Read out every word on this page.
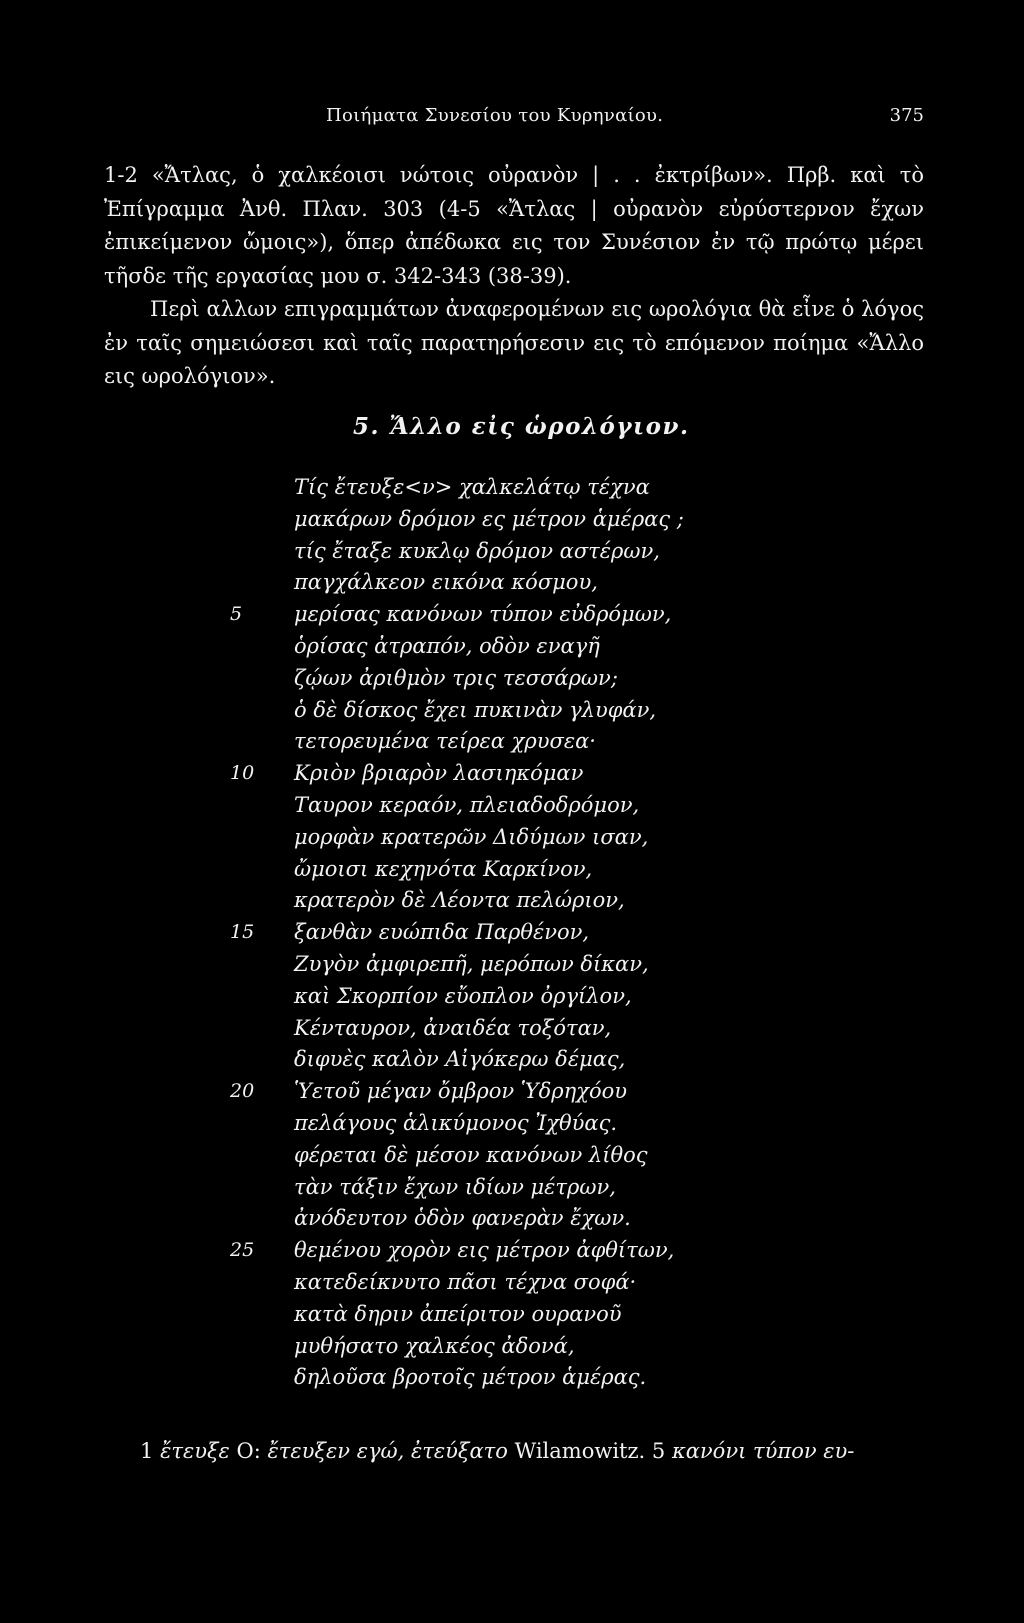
Ποιήματα Συνεσίου του Κυρηναίου.	375

1-2 «Ἄτλας, ὁ χαλκέοισι νώτοις οὐρανὸν | . . ἐκτρίβων». Πρβ. καὶ τὸ Ἐπίγραμμα Ἀνθ. Πλαν. 303 (4-5 «Ἄτλας | οὐρανὸν εὐρύστερνον ἔχων ἐπικείμενον ὤμοις»), ὅπερ ἀπέδωκα εις τον Συνέσιον ἐν τῷ πρώτῳ μέρει τῆσδε τῆς εργασίας μου σ. 342-343 (38-39).

Περὶ αλλων επιγραμμάτων ἀναφερομένων εις ωρολόγια θὰ εἶνε ὁ λόγος ἐν ταῖς σημειώσεσι καὶ ταῖς παρατηρήσεσιν εις τὸ επόμενον ποίημα «Ἄλλο εις ωρολόγιον».

5. Ἄλλο εἰς ὡρολόγιον.
Τίς ἔτευξε<ν> χαλκελάτῳ τέχνα
μακάρων δρόμον ες μέτρον ἁμέρας ;
τίς ἔταξε κυκλῳ δρόμον αστέρων,
παγχάλκεον εικόνα κόσμου,
5	μερίσας κανόνων τύπον εὐδρόμων,
ὁρίσας ἀτραπόν, οδὸν εναγῆ
ζῴων ἀριθμὸν τρις τεσσάρων;
ὁ δὲ δίσκος ἔχει πυκινὰν γλυφάν,
τετορευμένα τείρεα χρυσεα·
10	Κριὸν βριαρὸν λασιηκόμαν
Ταυρον κεραόν, πλειαδοδρόμον,
μορφὰν κρατερῶν Διδύμων ισαν,
ὤμοισι κεχηνότα Καρκίνον,
κρατερὸν δὲ Λέοντα πελώριον,
15	ξανθὰν ευώπιδα Παρθένον,
Ζυγὸν ἀμφιρεπῆ, μερόπων δίκαν,
καὶ Σκορπίον εὔοπλον ὀργίλον,
Κένταυρον, ἀναιδέα τοξόταν,
διφυὲς καλὸν Αἰγόκερω δέμας,
20	Ὑετοῦ μέγαν ὄμβρον Ὑδρηχόου
πελάγους ἁλικύμονος Ἰχθύας.
φέρεται δὲ μέσον κανόνων λίθος
τὰν τάξιν ἔχων ιδίων μέτρων,
ἀνόδευτον ὁδὸν φανερὰν ἔχων.
25	θεμένου χορὸν εις μέτρον ἀφθίτων,
κατεδείκνυτο πᾶσι τέχνα σοφά·
κατὰ δηριν ἀπείριτον ουρανοῦ
μυθήσατο χαλκέος ἀδονά,
δηλοῦσα βροτοῖς μέτρον ἁμέρας.
1 ἔτευξε O: ἔτευξεν εγώ, ἐτεύξατο Wilamowitz. 5 κανόνι τύπον ευ-
